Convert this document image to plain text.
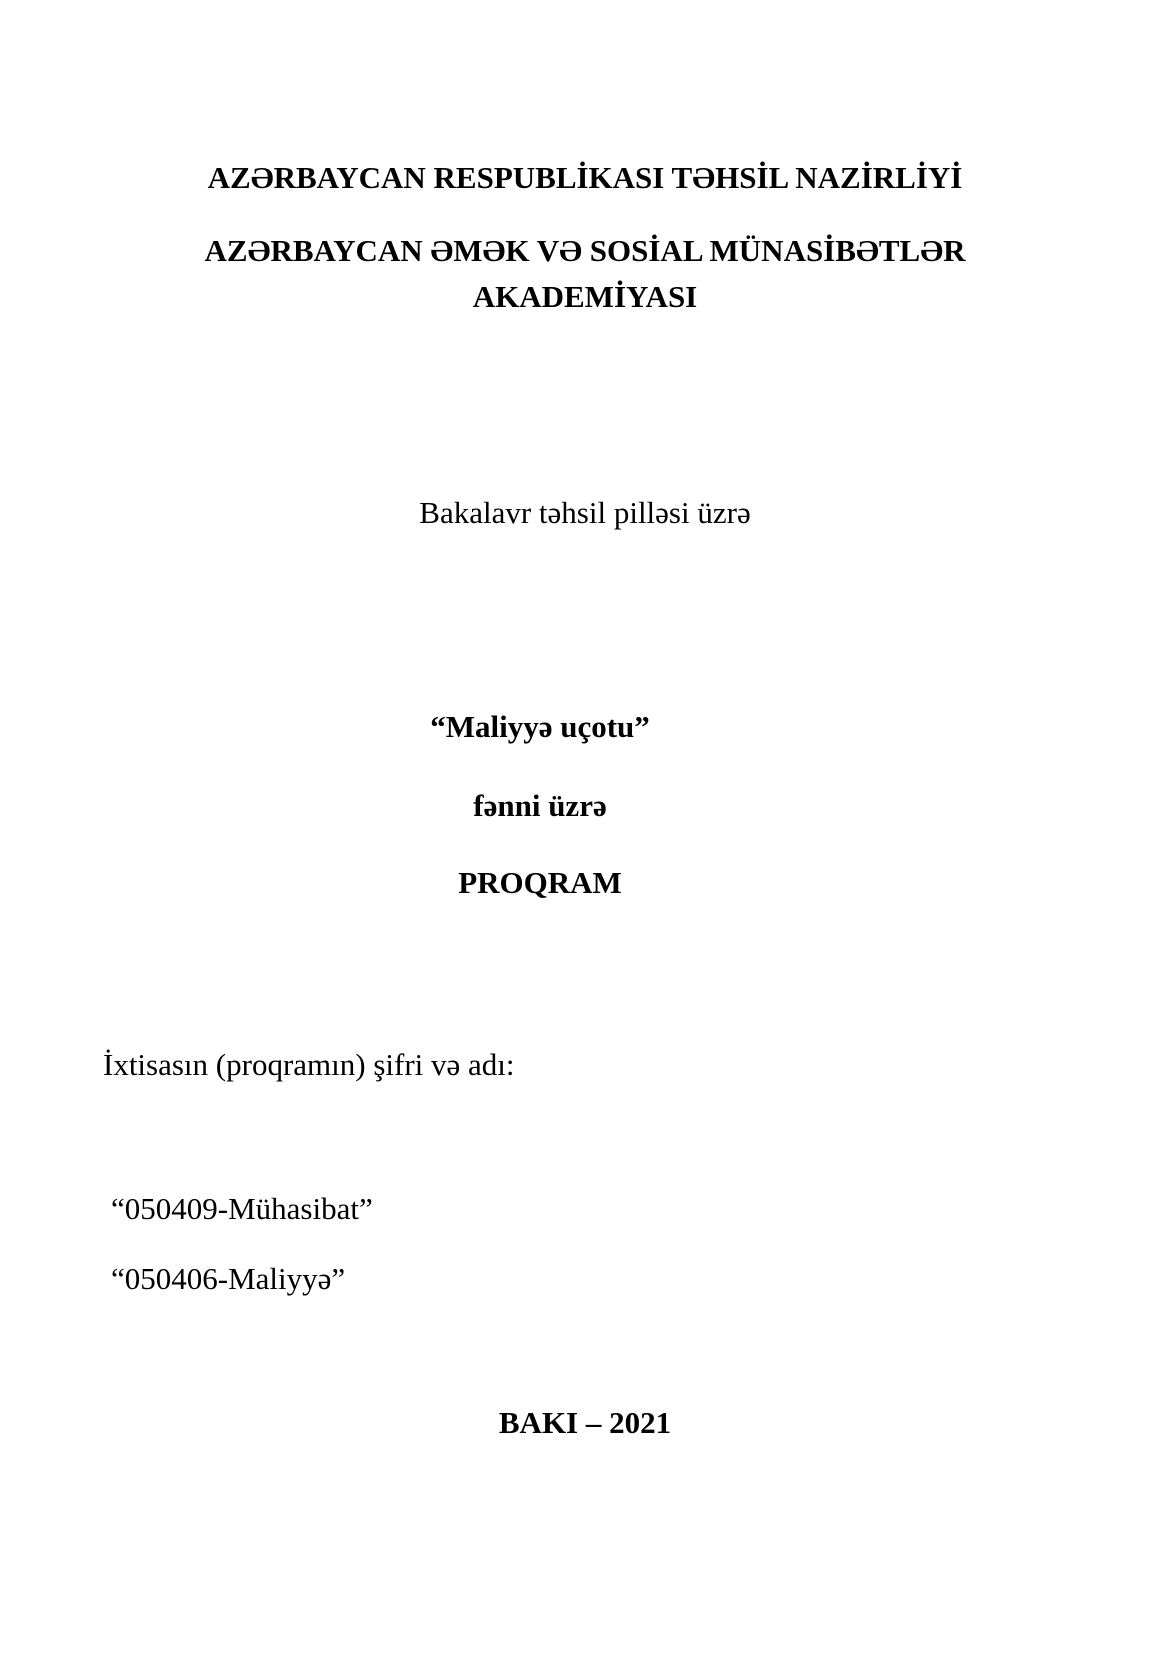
AZƏRBAYCAN RESPUBLİKASI TƏHSİL NAZİRLİYİ
AZƏRBAYCAN ƏMƏK VƏ SOSİAL MÜNASİBƏTLƏR
AKADEMİYASI
Bakalavr təhsil pilləsi üzrə
“Maliyyə uçotu”
fənni üzrə
PROQRAM
İxtisasın (proqramın) şifri və adı:
“050409-Mühasibat”
“050406-Maliyyə”
BAKI – 2021
